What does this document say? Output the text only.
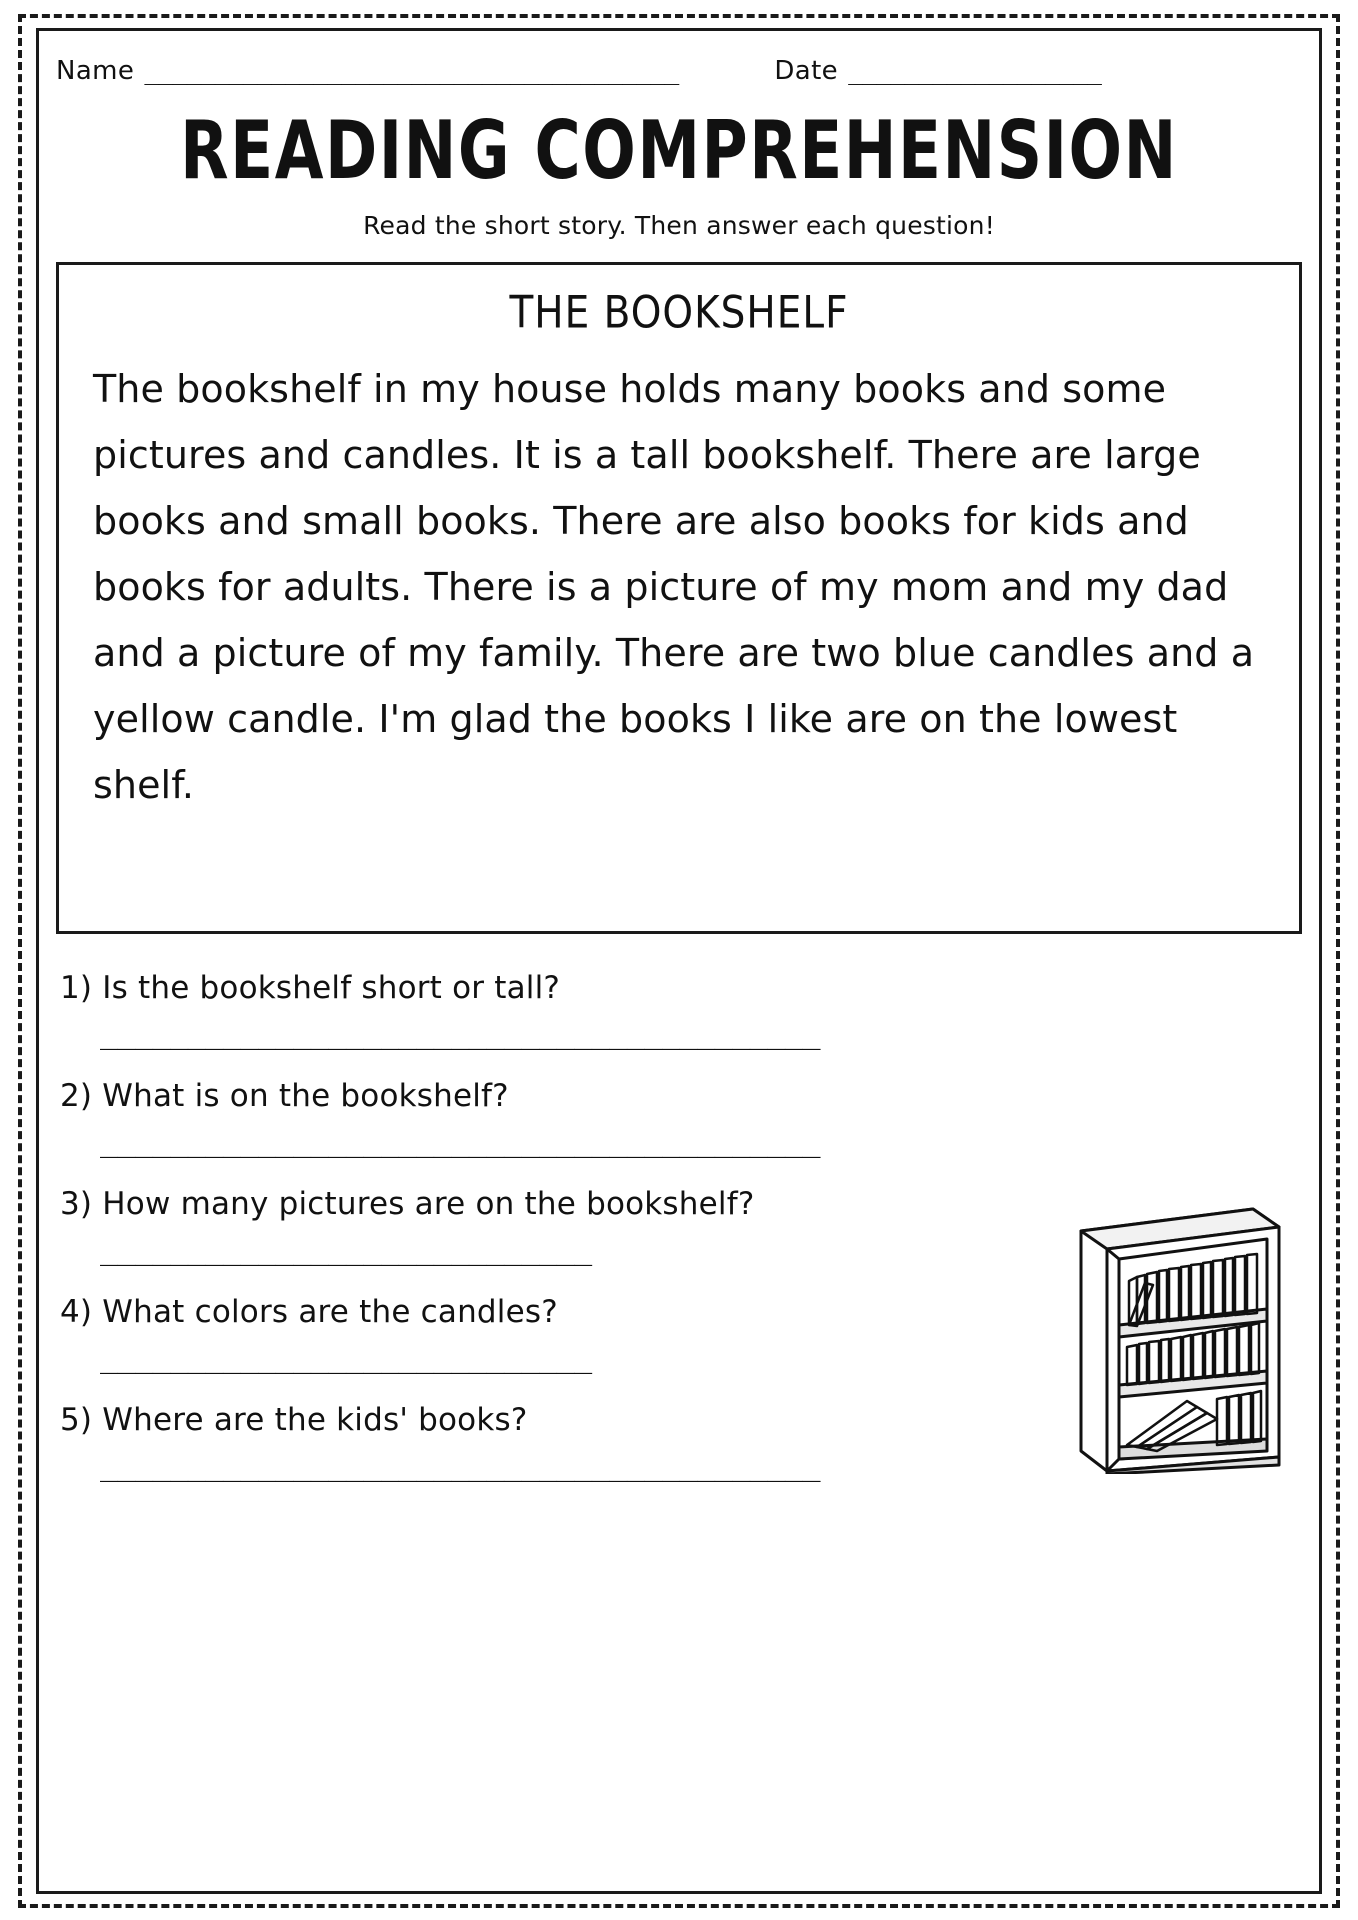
Name ______________________________________	Date __________________
READING COMPREHENSION
Read the short story. Then answer each question!
THE BOOKSHELF
The bookshelf in my house holds many books and some pictures and candles. It is a tall bookshelf. There are large books and small books. There are also books for kids and books for adults. There is a picture of my mom and my dad and a picture of my family. There are two blue candles and a yellow candle. I'm glad the books I like are on the lowest shelf.
1) Is the bookshelf short or tall?
_________________________________________
2) What is on the bookshelf?
_________________________________________
3) How many pictures are on the bookshelf?
____________________________
4) What colors are the candles?
____________________________
5) Where are the kids' books?
_________________________________________
